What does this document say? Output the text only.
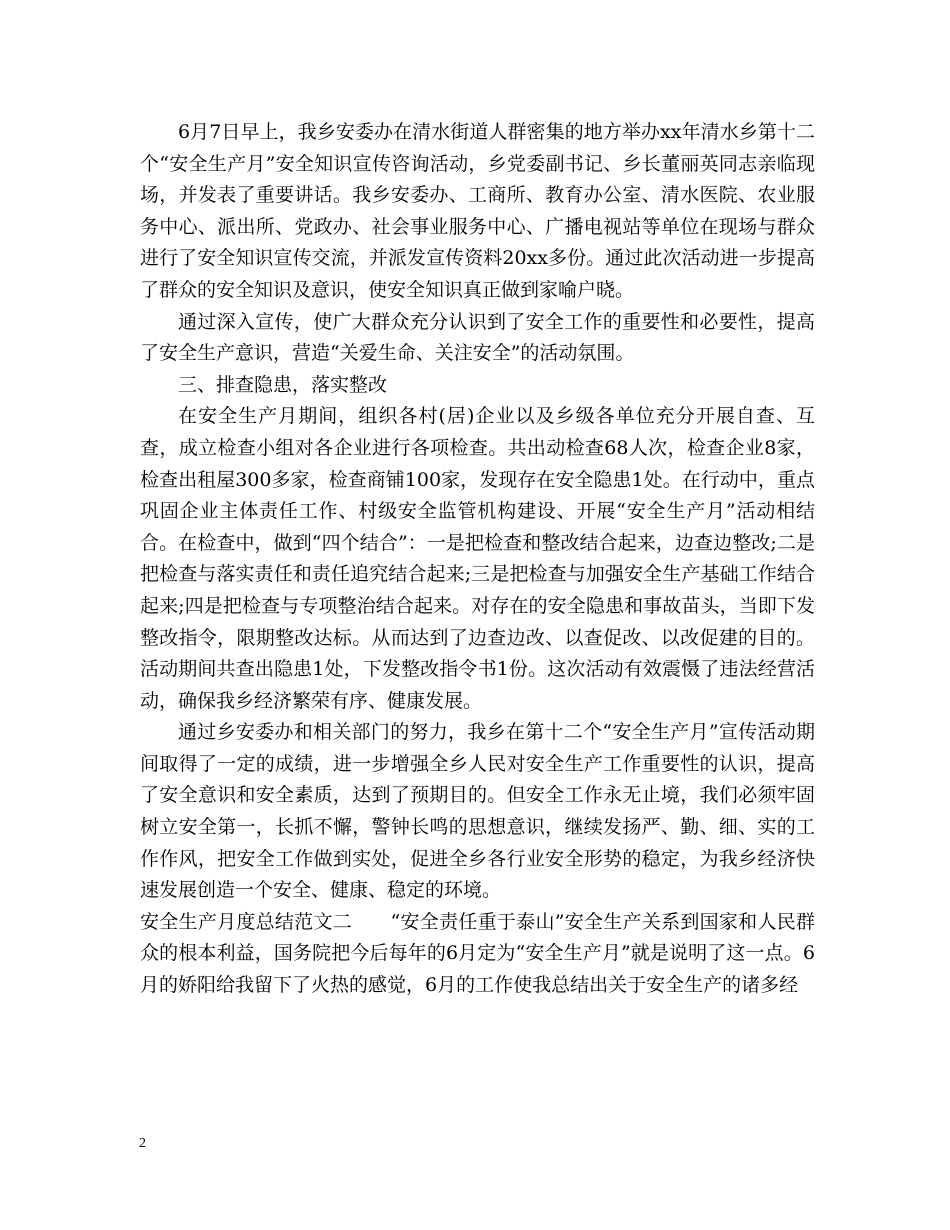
6月7日早上，我乡安委办在清水街道人群密集的地方举办xx年清水乡第十二个“安全生产月”安全知识宣传咨询活动，乡党委副书记、乡长董丽英同志亲临现场，并发表了重要讲话。我乡安委办、工商所、教育办公室、清水医院、农业服务中心、派出所、党政办、社会事业服务中心、广播电视站等单位在现场与群众进行了安全知识宣传交流，并派发宣传资料20xx多份。通过此次活动进一步提高了群众的安全知识及意识，使安全知识真正做到家喻户晓。

通过深入宣传，使广大群众充分认识到了安全工作的重要性和必要性，提高了安全生产意识，营造“关爱生命、关注安全”的活动氛围。

三、排查隐患，落实整改

在安全生产月期间，组织各村(居)企业以及乡级各单位充分开展自查、互查，成立检查小组对各企业进行各项检查。共出动检查68人次，检查企业8家，检查出租屋300多家，检查商铺100家，发现存在安全隐患1处。在行动中，重点巩固企业主体责任工作、村级安全监管机构建设、开展“安全生产月”活动相结合。在检查中，做到“四个结合”：一是把检查和整改结合起来，边查边整改;二是把检查与落实责任和责任追究结合起来;三是把检查与加强安全生产基础工作结合起来;四是把检查与专项整治结合起来。对存在的安全隐患和事故苗头，当即下发整改指令，限期整改达标。从而达到了边查边改、以查促改、以改促建的目的。活动期间共查出隐患1处，下发整改指令书1份。这次活动有效震慑了违法经营活动，确保我乡经济繁荣有序、健康发展。

通过乡安委办和相关部门的努力，我乡在第十二个“安全生产月”宣传活动期间取得了一定的成绩，进一步增强全乡人民对安全生产工作重要性的认识，提高了安全意识和安全素质，达到了预期目的。但安全工作永无止境，我们必须牢固树立安全第一，长抓不懈，警钟长鸣的思想意识，继续发扬严、勤、细、实的工作作风，把安全工作做到实处，促进全乡各行业安全形势的稳定，为我乡经济快速发展创造一个安全、健康、稳定的环境。

安全生产月度总结范文二　　“安全责任重于泰山”安全生产关系到国家和人民群众的根本利益，国务院把今后每年的6月定为“安全生产月”就是说明了这一点。6月的娇阳给我留下了火热的感觉，6月的工作使我总结出关于安全生产的诸多经

2
